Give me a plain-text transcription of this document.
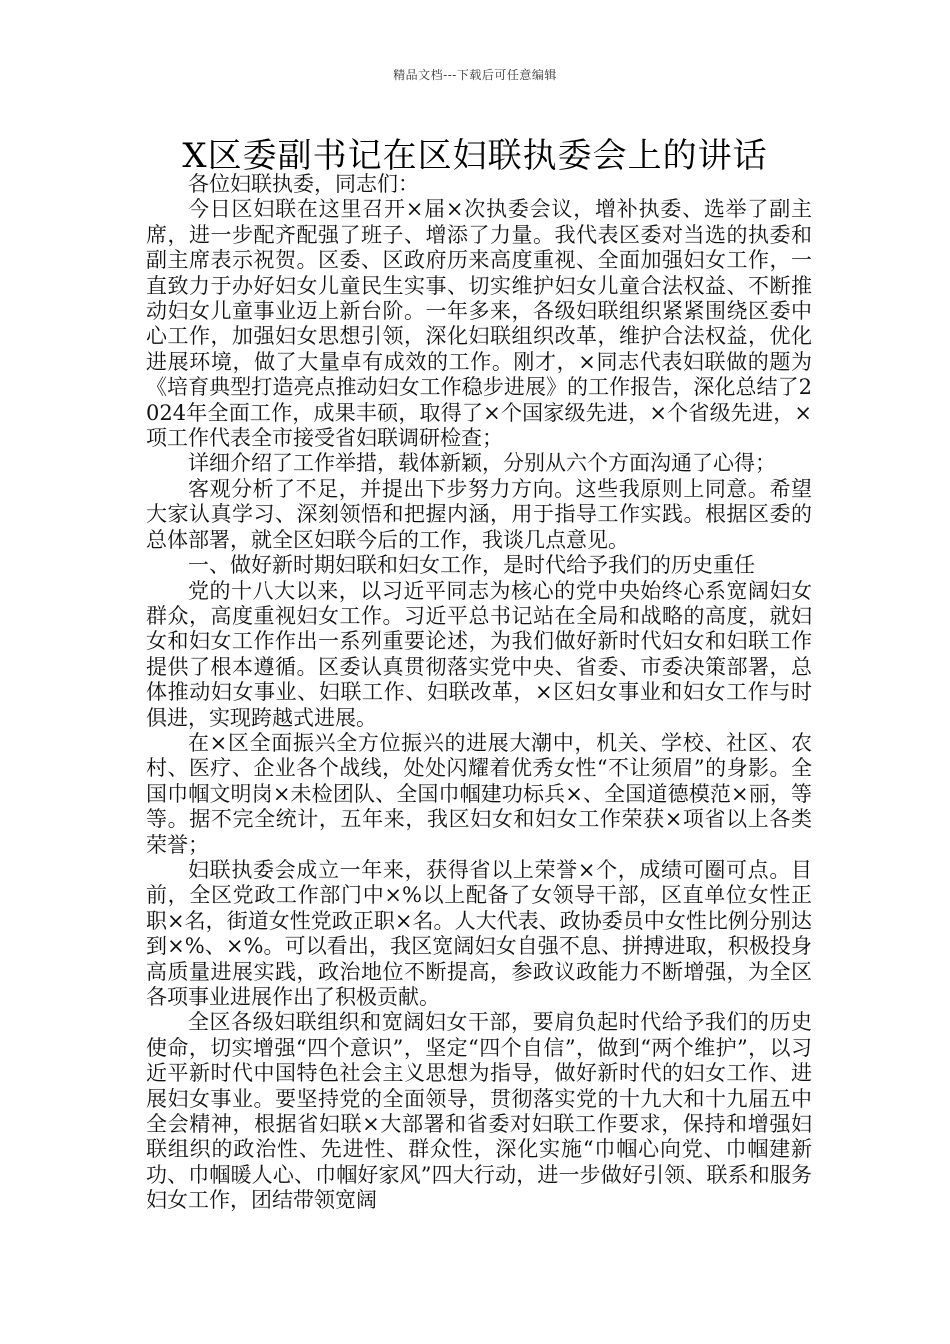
精品文档---下载后可任意编辑
X区委副书记在区妇联执委会上的讲话

各位妇联执委，同志们：

今日区妇联在这里召开×届×次执委会议，增补执委、选举了副主席，进一步配齐配强了班子、增添了力量。我代表区委对当选的执委和副主席表示祝贺。区委、区政府历来高度重视、全面加强妇女工作，一直致力于办好妇女儿童民生实事、切实维护妇女儿童合法权益、不断推动妇女儿童事业迈上新台阶。一年多来，各级妇联组织紧紧围绕区委中心工作，加强妇女思想引领，深化妇联组织改革，维护合法权益，优化进展环境，做了大量卓有成效的工作。刚才，×同志代表妇联做的题为《培育典型打造亮点推动妇女工作稳步进展》的工作报告，深化总结了2024年全面工作，成果丰硕，取得了×个国家级先进，×个省级先进，×项工作代表全市接受省妇联调研检查；

详细介绍了工作举措，载体新颖，分别从六个方面沟通了心得；

客观分析了不足，并提出下步努力方向。这些我原则上同意。希望大家认真学习、深刻领悟和把握内涵，用于指导工作实践。根据区委的总体部署，就全区妇联今后的工作，我谈几点意见。

一、做好新时期妇联和妇女工作，是时代给予我们的历史重任

党的十八大以来，以习近平同志为核心的党中央始终心系宽阔妇女群众，高度重视妇女工作。习近平总书记站在全局和战略的高度，就妇女和妇女工作作出一系列重要论述，为我们做好新时代妇女和妇联工作提供了根本遵循。区委认真贯彻落实党中央、省委、市委决策部署，总体推动妇女事业、妇联工作、妇联改革，×区妇女事业和妇女工作与时俱进，实现跨越式进展。

在×区全面振兴全方位振兴的进展大潮中，机关、学校、社区、农村、医疗、企业各个战线，处处闪耀着优秀女性“不让须眉”的身影。全国巾帼文明岗×未检团队、全国巾帼建功标兵×、全国道德模范×丽，等等。据不完全统计，五年来，我区妇女和妇女工作荣获×项省以上各类荣誉；

妇联执委会成立一年来，获得省以上荣誉×个，成绩可圈可点。目前，全区党政工作部门中×%以上配备了女领导干部，区直单位女性正职×名，街道女性党政正职×名。人大代表、政协委员中女性比例分别达到×%、×%。可以看出，我区宽阔妇女自强不息、拼搏进取，积极投身高质量进展实践，政治地位不断提高，参政议政能力不断增强，为全区各项事业进展作出了积极贡献。

全区各级妇联组织和宽阔妇女干部，要肩负起时代给予我们的历史使命，切实增强“四个意识”，坚定“四个自信”，做到“两个维护”，以习近平新时代中国特色社会主义思想为指导，做好新时代的妇女工作、进展妇女事业。要坚持党的全面领导，贯彻落实党的十九大和十九届五中全会精神，根据省妇联×大部署和省委对妇联工作要求，保持和增强妇联组织的政治性、先进性、群众性，深化实施“巾帼心向党、巾帼建新功、巾帼暖人心、巾帼好家风”四大行动，进一步做好引领、联系和服务妇女工作，团结带领宽阔
